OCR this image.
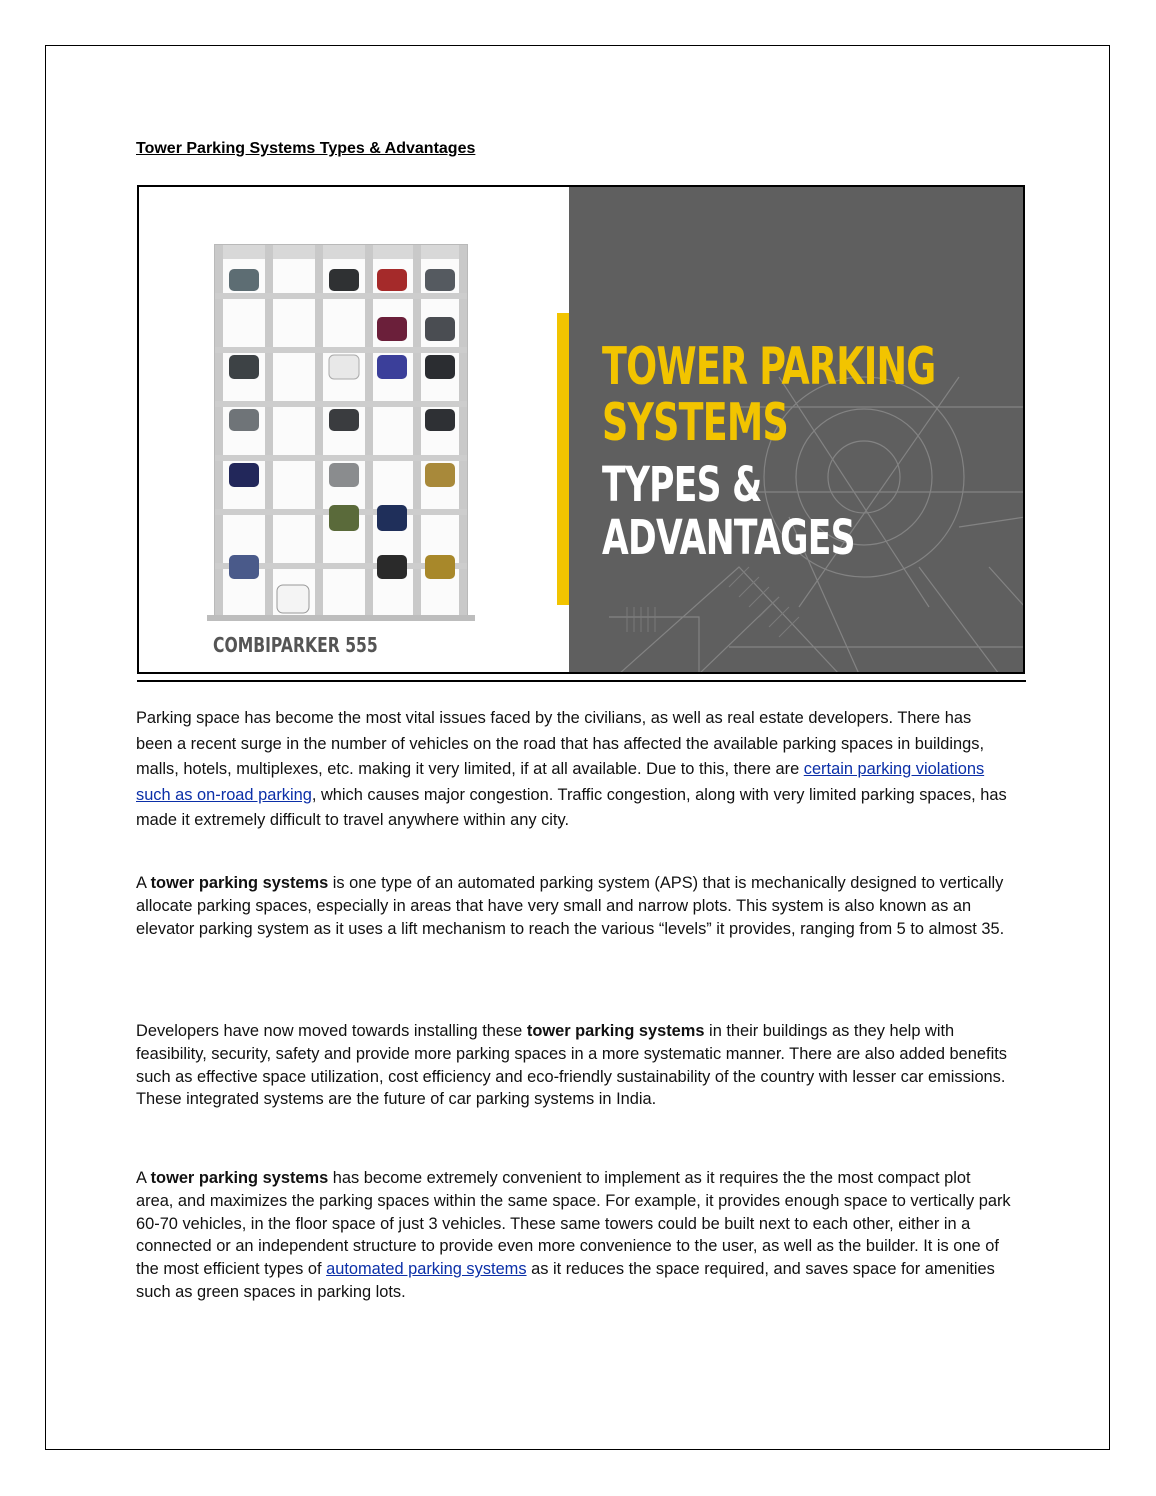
Tower Parking Systems Types & Advantages
TOWER PARKING
SYSTEMS
TYPES &
ADVANTAGES
COMBIPARKER 555

Parking space has become the most vital issues faced by the civilians, as well as real estate developers. There has been a recent surge in the number of vehicles on the road that has affected the available parking spaces in buildings, malls, hotels, multiplexes, etc. making it very limited, if at all available. Due to this, there are certain parking violations such as on-road parking, which causes major congestion. Traffic congestion, along with very limited parking spaces, has made it extremely difficult to travel anywhere within any city.

A tower parking systems is one type of an automated parking system (APS) that is mechanically designed to vertically allocate parking spaces, especially in areas that have very small and narrow plots. This system is also known as an elevator parking system as it uses a lift mechanism to reach the various “levels” it provides, ranging from 5 to almost 35.

Developers have now moved towards installing these tower parking systems in their buildings as they help with feasibility, security, safety and provide more parking spaces in a more systematic manner. There are also added benefits such as effective space utilization, cost efficiency and eco-friendly sustainability of the country with lesser car emissions. These integrated systems are the future of car parking systems in India.

A tower parking systems has become extremely convenient to implement as it requires the the most compact plot area, and maximizes the parking spaces within the same space. For example, it provides enough space to vertically park 60-70 vehicles, in the floor space of just 3 vehicles. These same towers could be built next to each other, either in a connected or an independent structure to provide even more convenience to the user, as well as the builder. It is one of the most efficient types of automated parking systems as it reduces the space required, and saves space for amenities such as green spaces in parking lots.
